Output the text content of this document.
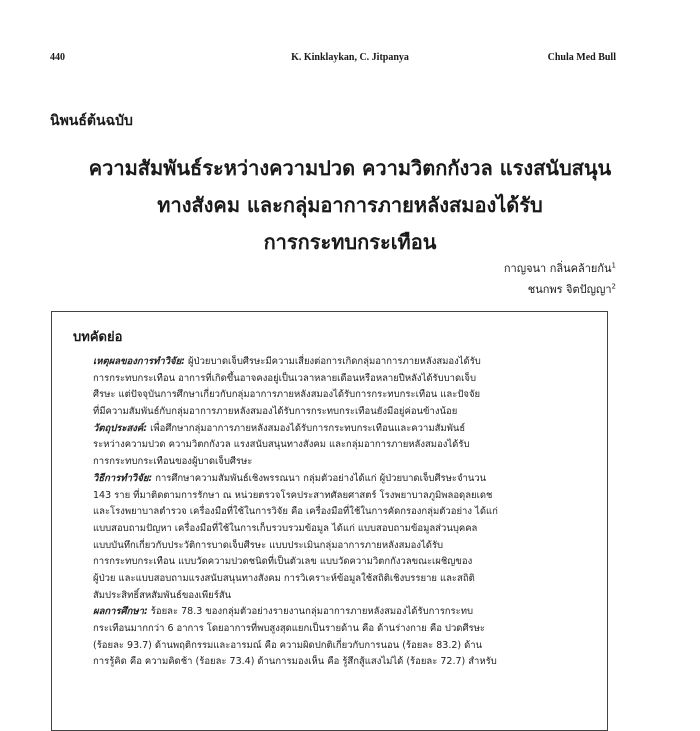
440	K. Kinklaykan, C. Jitpanya	Chula Med Bull
นิพนธ์ต้นฉบับ
ความสัมพันธ์ระหว่างความปวด ความวิตกกังวล แรงสนับสนุน
ทางสังคม และกลุ่มอาการภายหลังสมองได้รับ
การกระทบกระเทือน
กาญจนา กลิ่นคล้ายกัน$^1$
ชนกพร จิตปัญญา$^2$
บทคัดย่อ
เหตุผลของการทำวิจัย: ผู้ป่วยบาดเจ็บศีรษะมีความเสี่ยงต่อการเกิดกลุ่มอาการภายหลังสมองได้รับ
การกระทบกระเทือน อาการที่เกิดขึ้นอาจคงอยู่เป็นเวลาหลายเดือนหรือหลายปีหลังได้รับบาดเจ็บ
ศีรษะ แต่ปัจจุบันการศึกษาเกี่ยวกับกลุ่มอาการภายหลังสมองได้รับการกระทบกระเทือน และปัจจัย
ที่มีความสัมพันธ์กับกลุ่มอาการภายหลังสมองได้รับการกระทบกระเทือนยังมีอยู่ค่อนข้างน้อย
วัตถุประสงค์: เพื่อศึกษากลุ่มอาการภายหลังสมองได้รับการกระทบกระเทือนและความสัมพันธ์
ระหว่างความปวด ความวิตกกังวล แรงสนับสนุนทางสังคม และกลุ่มอาการภายหลังสมองได้รับ
การกระทบกระเทือนของผู้บาดเจ็บศีรษะ
วิธีการทำวิจัย: การศึกษาความสัมพันธ์เชิงพรรณนา กลุ่มตัวอย่างได้แก่ ผู้ป่วยบาดเจ็บศีรษะจำนวน
143 ราย ที่มาติดตามการรักษา ณ หน่วยตรวจโรคประสาทศัลยศาสตร์ โรงพยาบาลภูมิพลอดุลยเดช
และโรงพยาบาลตำรวจ เครื่องมือที่ใช้ในการวิจัย คือ เครื่องมือที่ใช้ในการคัดกรองกลุ่มตัวอย่าง ได้แก่
แบบสอบถามปัญหา เครื่องมือที่ใช้ในการเก็บรวบรวมข้อมูล ได้แก่ แบบสอบถามข้อมูลส่วนบุคคล
แบบบันทึกเกี่ยวกับประวัติการบาดเจ็บศีรษะ แบบประเมินกลุ่มอาการภายหลังสมองได้รับ
การกระทบกระเทือน แบบวัดความปวดชนิดที่เป็นตัวเลข แบบวัดความวิตกกังวลขณะเผชิญของ
ผู้ป่วย และแบบสอบถามแรงสนับสนุนทางสังคม การวิเคราะห์ข้อมูลใช้สถิติเชิงบรรยาย และสถิติ
สัมประสิทธิ์สหสัมพันธ์ของเพียร์สัน
ผลการศึกษา: ร้อยละ 78.3 ของกลุ่มตัวอย่างรายงานกลุ่มอาการภายหลังสมองได้รับการกระทบ
กระเทือนมากกว่า 6 อาการ โดยอาการที่พบสูงสุดแยกเป็นรายด้าน คือ ด้านร่างกาย คือ ปวดศีรษะ
(ร้อยละ 93.7) ด้านพฤติกรรมและอารมณ์ คือ ความผิดปกติเกี่ยวกับการนอน (ร้อยละ 83.2) ด้าน
การรู้คิด คือ ความคิดช้า (ร้อยละ 73.4) ด้านการมองเห็น คือ รู้สึกสู้แสงไม่ได้ (ร้อยละ 72.7) สำหรับ
